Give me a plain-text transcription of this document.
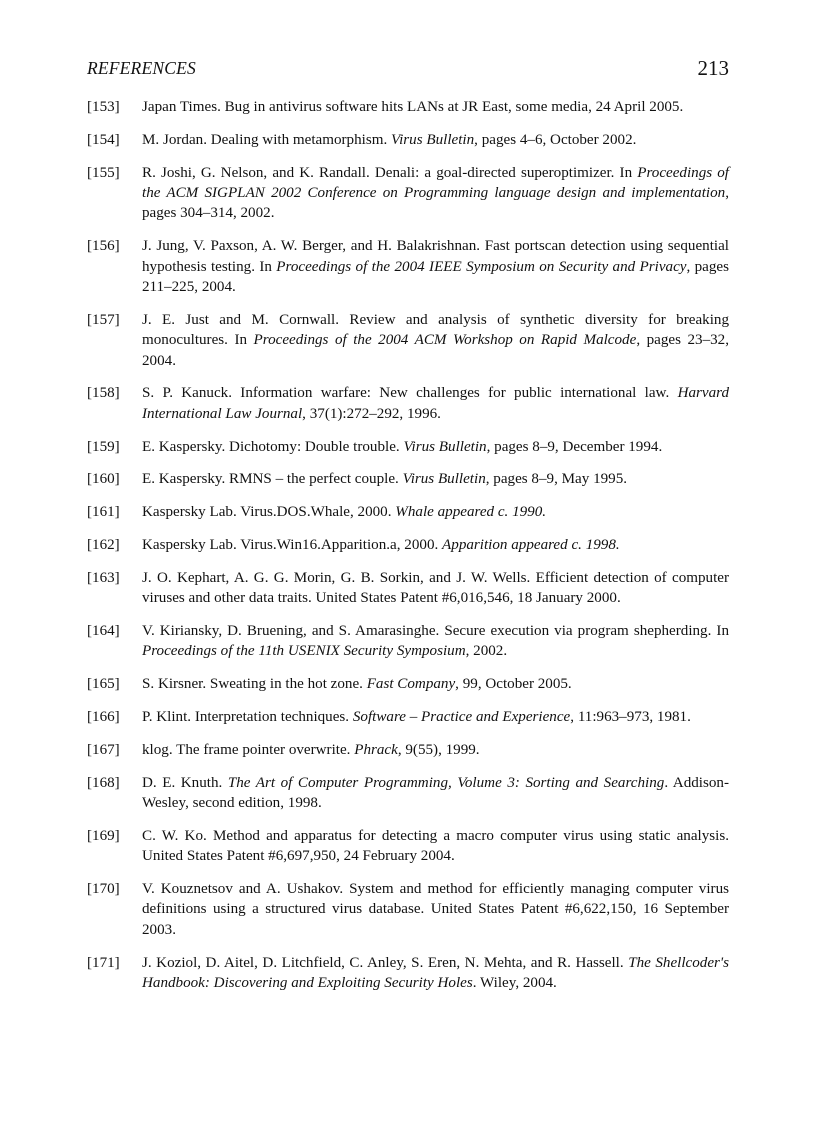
REFERENCES	213
[153]	Japan Times. Bug in antivirus software hits LANs at JR East, some media, 24 April 2005.
[154]	M. Jordan. Dealing with metamorphism. Virus Bulletin, pages 4–6, October 2002.
[155]	R. Joshi, G. Nelson, and K. Randall. Denali: a goal-directed superoptimizer. In Proceedings of the ACM SIGPLAN 2002 Conference on Programming language design and implementation, pages 304–314, 2002.
[156]	J. Jung, V. Paxson, A. W. Berger, and H. Balakrishnan. Fast portscan detection using sequential hypothesis testing. In Proceedings of the 2004 IEEE Symposium on Security and Privacy, pages 211–225, 2004.
[157]	J. E. Just and M. Cornwall. Review and analysis of synthetic diversity for breaking monocultures. In Proceedings of the 2004 ACM Workshop on Rapid Malcode, pages 23–32, 2004.
[158]	S. P. Kanuck. Information warfare: New challenges for public international law. Harvard International Law Journal, 37(1):272–292, 1996.
[159]	E. Kaspersky. Dichotomy: Double trouble. Virus Bulletin, pages 8–9, December 1994.
[160]	E. Kaspersky. RMNS – the perfect couple. Virus Bulletin, pages 8–9, May 1995.
[161]	Kaspersky Lab. Virus.DOS.Whale, 2000. Whale appeared c. 1990.
[162]	Kaspersky Lab. Virus.Win16.Apparition.a, 2000. Apparition appeared c. 1998.
[163]	J. O. Kephart, A. G. G. Morin, G. B. Sorkin, and J. W. Wells. Efficient detection of computer viruses and other data traits. United States Patent #6,016,546, 18 January 2000.
[164]	V. Kiriansky, D. Bruening, and S. Amarasinghe. Secure execution via program shepherding. In Proceedings of the 11th USENIX Security Symposium, 2002.
[165]	S. Kirsner. Sweating in the hot zone. Fast Company, 99, October 2005.
[166]	P. Klint. Interpretation techniques. Software – Practice and Experience, 11:963–973, 1981.
[167]	klog. The frame pointer overwrite. Phrack, 9(55), 1999.
[168]	D. E. Knuth. The Art of Computer Programming, Volume 3: Sorting and Searching. Addison-Wesley, second edition, 1998.
[169]	C. W. Ko. Method and apparatus for detecting a macro computer virus using static analysis. United States Patent #6,697,950, 24 February 2004.
[170]	V. Kouznetsov and A. Ushakov. System and method for efficiently managing computer virus definitions using a structured virus database. United States Patent #6,622,150, 16 September 2003.
[171]	J. Koziol, D. Aitel, D. Litchfield, C. Anley, S. Eren, N. Mehta, and R. Hassell. The Shellcoder's Handbook: Discovering and Exploiting Security Holes. Wiley, 2004.
